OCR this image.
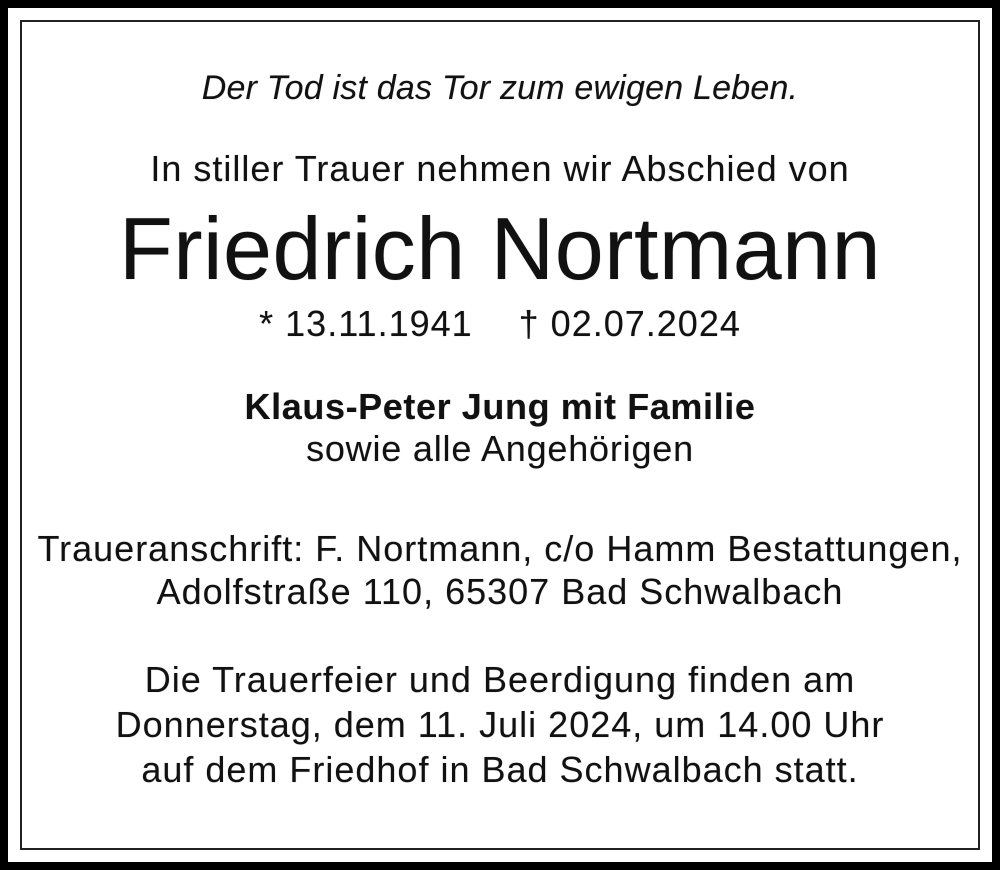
Der Tod ist das Tor zum ewigen Leben.
In stiller Trauer nehmen wir Abschied von
Friedrich Nortmann
* 13.11.1941 † 02.07.2024
Klaus-Peter Jung mit Familie
sowie alle Angehörigen
Traueranschrift: F. Nortmann, c/o Hamm Bestattungen,
Adolfstraße 110, 65307 Bad Schwalbach
Die Trauerfeier und Beerdigung finden am
Donnerstag, dem 11. Juli 2024, um 14.00 Uhr
auf dem Friedhof in Bad Schwalbach statt.
